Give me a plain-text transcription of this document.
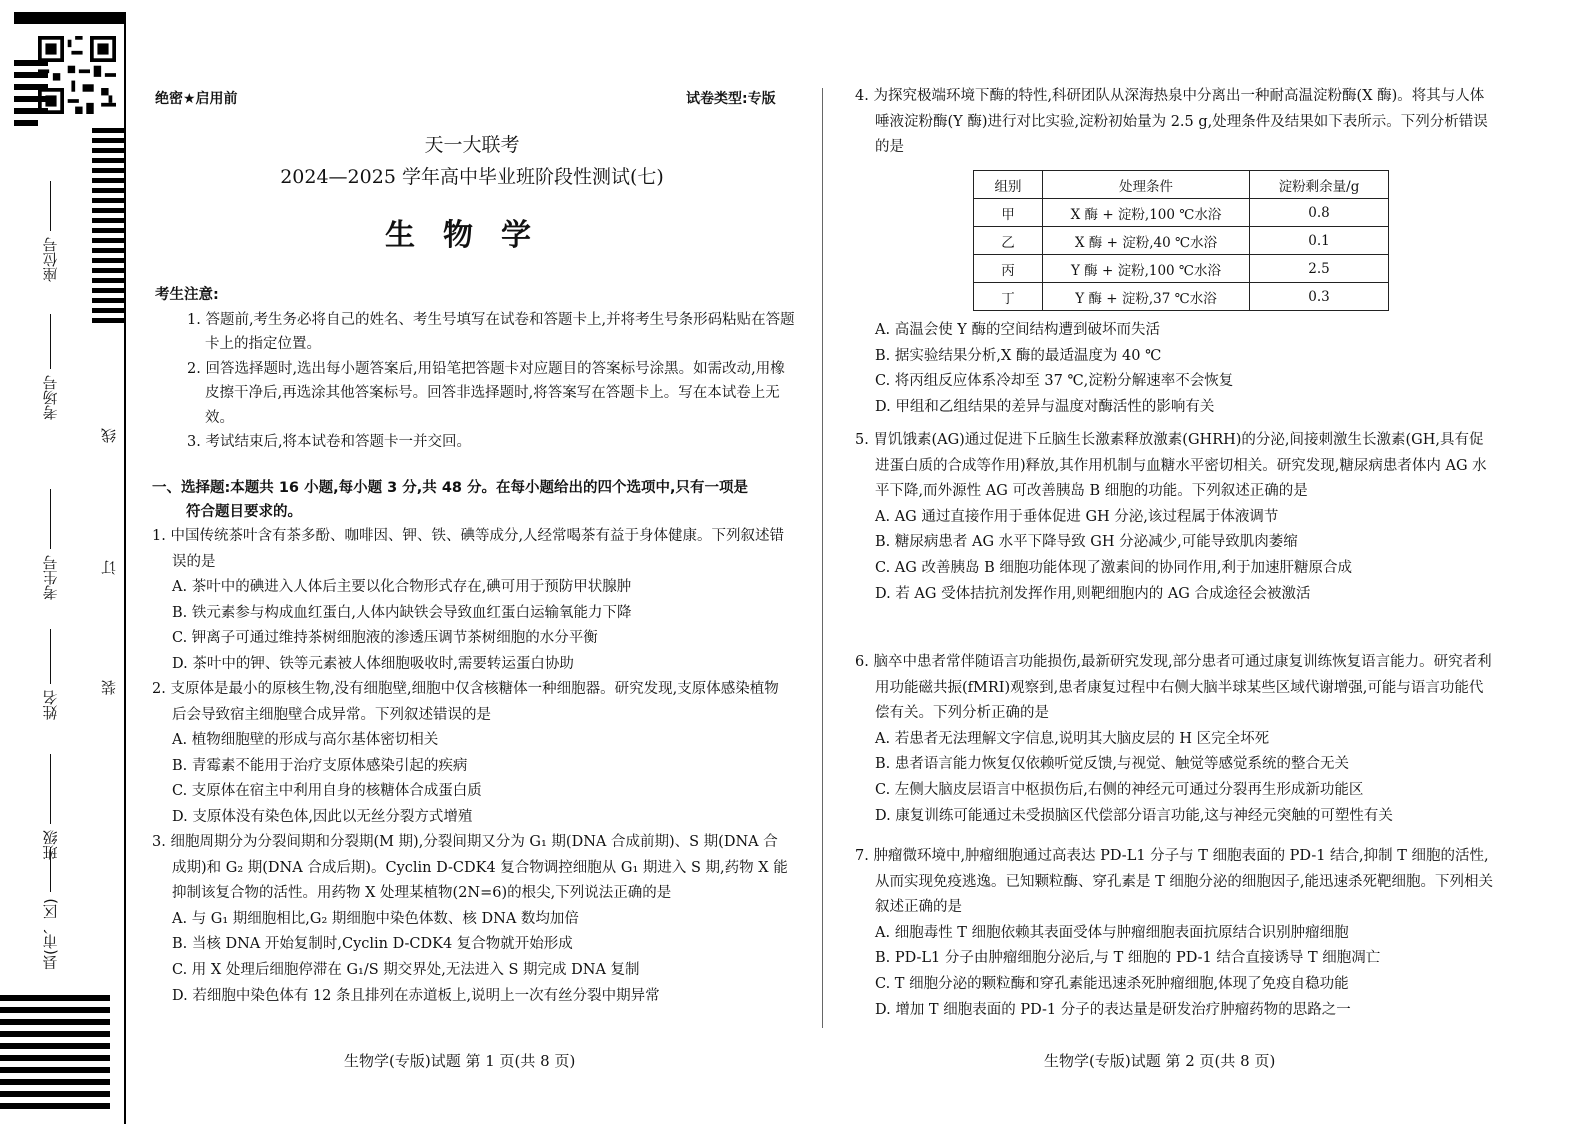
座位号
考场号
考生号
姓名
班级
县(市、区)
线
订
装
绝密★启用前	试卷类型:专版
天一大联考
2024—2025 学年高中毕业班阶段性测试(七)
生物学
考生注意:
1. 答题前,考生务必将自己的姓名、考生号填写在试卷和答题卡上,并将考生号条形码粘贴在答题卡上的指定位置。
2. 回答选择题时,选出每小题答案后,用铅笔把答题卡对应题目的答案标号涂黑。如需改动,用橡皮擦干净后,再选涂其他答案标号。回答非选择题时,将答案写在答题卡上。写在本试卷上无效。
3. 考试结束后,将本试卷和答题卡一并交回。
一、选择题:本题共 16 小题,每小题 3 分,共 48 分。在每小题给出的四个选项中,只有一项是
符合题目要求的。
1. 中国传统茶叶含有茶多酚、咖啡因、钾、铁、碘等成分,人经常喝茶有益于身体健康。下列叙述错误的是
A. 茶叶中的碘进入人体后主要以化合物形式存在,碘可用于预防甲状腺肿
B. 铁元素参与构成血红蛋白,人体内缺铁会导致血红蛋白运输氧能力下降
C. 钾离子可通过维持茶树细胞液的渗透压调节茶树细胞的水分平衡
D. 茶叶中的钾、铁等元素被人体细胞吸收时,需要转运蛋白协助
2. 支原体是最小的原核生物,没有细胞壁,细胞中仅含核糖体一种细胞器。研究发现,支原体感染植物后会导致宿主细胞壁合成异常。下列叙述错误的是
A. 植物细胞壁的形成与高尔基体密切相关
B. 青霉素不能用于治疗支原体感染引起的疾病
C. 支原体在宿主中利用自身的核糖体合成蛋白质
D. 支原体没有染色体,因此以无丝分裂方式增殖
3. 细胞周期分为分裂间期和分裂期(M 期),分裂间期又分为 G₁ 期(DNA 合成前期)、S 期(DNA 合成期)和 G₂ 期(DNA 合成后期)。Cyclin D-CDK4 复合物调控细胞从 G₁ 期进入 S 期,药物 X 能抑制该复合物的活性。用药物 X 处理某植物(2N=6)的根尖,下列说法正确的是
A. 与 G₁ 期细胞相比,G₂ 期细胞中染色体数、核 DNA 数均加倍
B. 当核 DNA 开始复制时,Cyclin D-CDK4 复合物就开始形成
C. 用 X 处理后细胞停滞在 G₁/S 期交界处,无法进入 S 期完成 DNA 复制
D. 若细胞中染色体有 12 条且排列在赤道板上,说明上一次有丝分裂中期异常
生物学(专版)试题 第 1 页(共 8 页)
4. 为探究极端环境下酶的特性,科研团队从深海热泉中分离出一种耐高温淀粉酶(X 酶)。将其与人体唾液淀粉酶(Y 酶)进行对比实验,淀粉初始量为 2.5 g,处理条件及结果如下表所示。下列分析错误的是
组别	处理条件	淀粉剩余量/g
甲	X 酶 + 淀粉,100 ℃水浴	0.8
乙	X 酶 + 淀粉,40 ℃水浴	0.1
丙	Y 酶 + 淀粉,100 ℃水浴	2.5
丁	Y 酶 + 淀粉,37 ℃水浴	0.3
A. 高温会使 Y 酶的空间结构遭到破坏而失活
B. 据实验结果分析,X 酶的最适温度为 40 ℃
C. 将丙组反应体系冷却至 37 ℃,淀粉分解速率不会恢复
D. 甲组和乙组结果的差异与温度对酶活性的影响有关
5. 胃饥饿素(AG)通过促进下丘脑生长激素释放激素(GHRH)的分泌,间接刺激生长激素(GH,具有促进蛋白质的合成等作用)释放,其作用机制与血糖水平密切相关。研究发现,糖尿病患者体内 AG 水平下降,而外源性 AG 可改善胰岛 B 细胞的功能。下列叙述正确的是
A. AG 通过直接作用于垂体促进 GH 分泌,该过程属于体液调节
B. 糖尿病患者 AG 水平下降导致 GH 分泌减少,可能导致肌肉萎缩
C. AG 改善胰岛 B 细胞功能体现了激素间的协同作用,利于加速肝糖原合成
D. 若 AG 受体拮抗剂发挥作用,则靶细胞内的 AG 合成途径会被激活
6. 脑卒中患者常伴随语言功能损伤,最新研究发现,部分患者可通过康复训练恢复语言能力。研究者利用功能磁共振(fMRI)观察到,患者康复过程中右侧大脑半球某些区域代谢增强,可能与语言功能代偿有关。下列分析正确的是
A. 若患者无法理解文字信息,说明其大脑皮层的 H 区完全坏死
B. 患者语言能力恢复仅依赖听觉反馈,与视觉、触觉等感觉系统的整合无关
C. 左侧大脑皮层语言中枢损伤后,右侧的神经元可通过分裂再生形成新功能区
D. 康复训练可能通过未受损脑区代偿部分语言功能,这与神经元突触的可塑性有关
7. 肿瘤微环境中,肿瘤细胞通过高表达 PD-L1 分子与 T 细胞表面的 PD-1 结合,抑制 T 细胞的活性,从而实现免疫逃逸。已知颗粒酶、穿孔素是 T 细胞分泌的细胞因子,能迅速杀死靶细胞。下列相关叙述正确的是
A. 细胞毒性 T 细胞依赖其表面受体与肿瘤细胞表面抗原结合识别肿瘤细胞
B. PD-L1 分子由肿瘤细胞分泌后,与 T 细胞的 PD-1 结合直接诱导 T 细胞凋亡
C. T 细胞分泌的颗粒酶和穿孔素能迅速杀死肿瘤细胞,体现了免疫自稳功能
D. 增加 T 细胞表面的 PD-1 分子的表达量是研发治疗肿瘤药物的思路之一
生物学(专版)试题 第 2 页(共 8 页)
